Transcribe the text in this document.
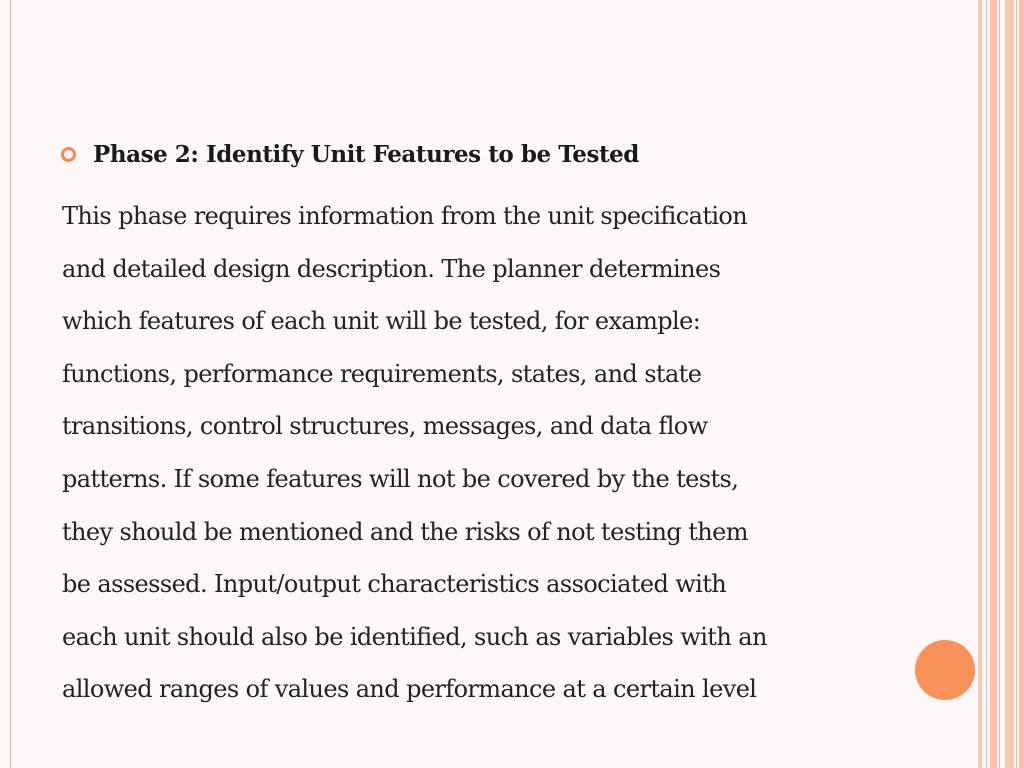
Phase 2: Identify Unit Features to be Tested
This phase requires information from the unit specification
and detailed design description. The planner determines
which features of each unit will be tested, for example:
functions, performance requirements, states, and state
transitions, control structures, messages, and data flow
patterns. If some features will not be covered by the tests,
they should be mentioned and the risks of not testing them
be assessed. Input/output characteristics associated with
each unit should also be identified, such as variables with an
allowed ranges of values and performance at a certain level
